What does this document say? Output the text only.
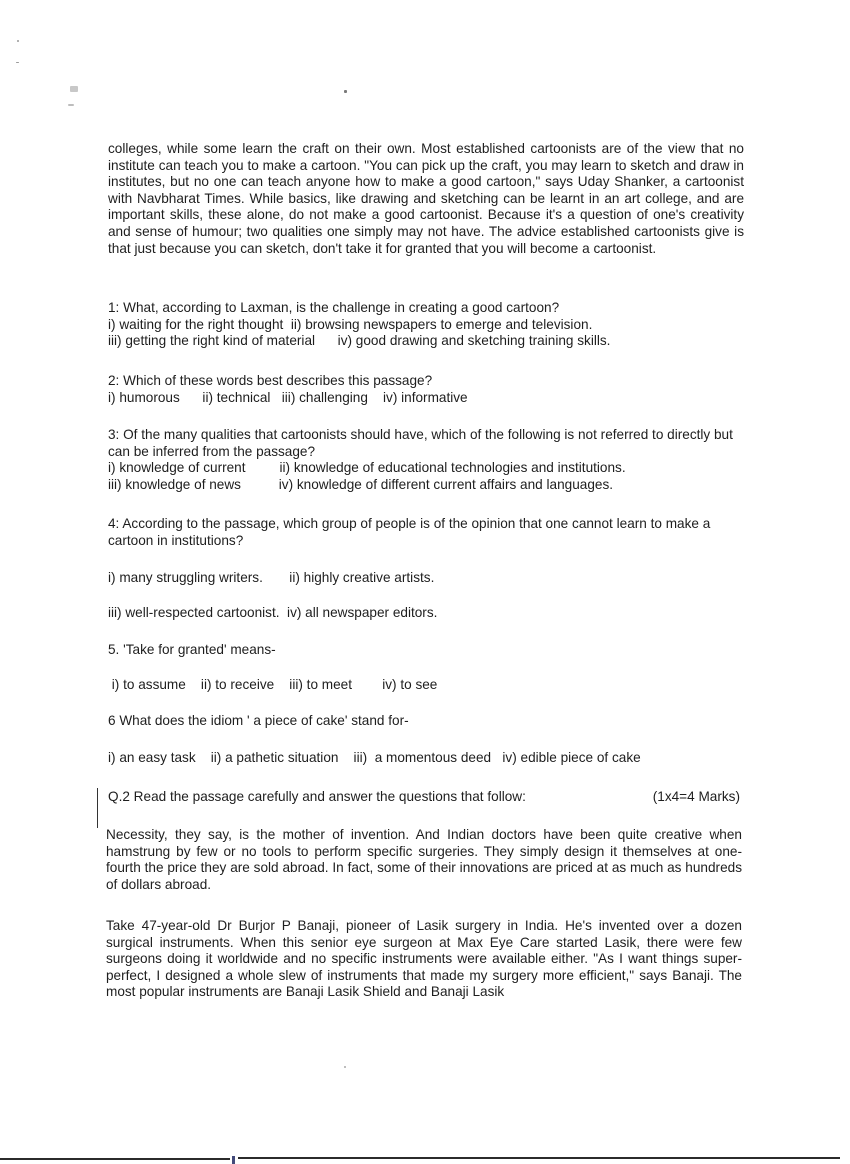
colleges, while some learn the craft on their own. Most established cartoonists are of the view that no institute can teach you to make a cartoon. "You can pick up the craft, you may learn to sketch and draw in institutes, but no one can teach anyone how to make a good cartoon," says Uday Shanker, a cartoonist with Navbharat Times. While basics, like drawing and sketching can be learnt in an art college, and are important skills, these alone, do not make a good cartoonist. Because it's a question of one's creativity and sense of humour; two qualities one simply may not have. The advice established cartoonists give is that just because you can sketch, don't take it for granted that you will become a cartoonist.

1: What, according to Laxman, is the challenge in creating a good cartoon?

i) waiting for the right thought  ii) browsing newspapers to emerge and television.

iii) getting the right kind of material      iv) good drawing and sketching training skills.

2: Which of these words best describes this passage?

i) humorous      ii) technical   iii) challenging    iv) informative

3: Of the many qualities that cartoonists should have, which of the following is not referred to directly but can be inferred from the passage?

i) knowledge of current         ii) knowledge of educational technologies and institutions.

iii) knowledge of news          iv) knowledge of different current affairs and languages.

4: According to the passage, which group of people is of the opinion that one cannot learn to make a cartoon in institutions?

i) many struggling writers.       ii) highly creative artists.

iii) well-respected cartoonist.  iv) all newspaper editors.

5. 'Take for granted' means-

i) to assume    ii) to receive    iii) to meet        iv) to see

6 What does the idiom ' a piece of cake' stand for-

i) an easy task    ii) a pathetic situation    iii)  a momentous deed   iv) edible piece of cake

Q.2 Read the passage carefully and answer the questions that follow:	(1x4=4 Marks)

Necessity, they say, is the mother of invention. And Indian doctors have been quite creative when hamstrung by few or no tools to perform specific surgeries. They simply design it themselves at one-fourth the price they are sold abroad. In fact, some of their innovations are priced at as much as hundreds of dollars abroad.

Take 47-year-old Dr Burjor P Banaji, pioneer of Lasik surgery in India. He's invented over a dozen surgical instruments. When this senior eye surgeon at Max Eye Care started Lasik, there were few surgeons doing it worldwide and no specific instruments were available either. "As I want things super-perfect, I designed a whole slew of instruments that made my surgery more efficient," says Banaji. The most popular instruments are Banaji Lasik Shield and Banaji Lasik
